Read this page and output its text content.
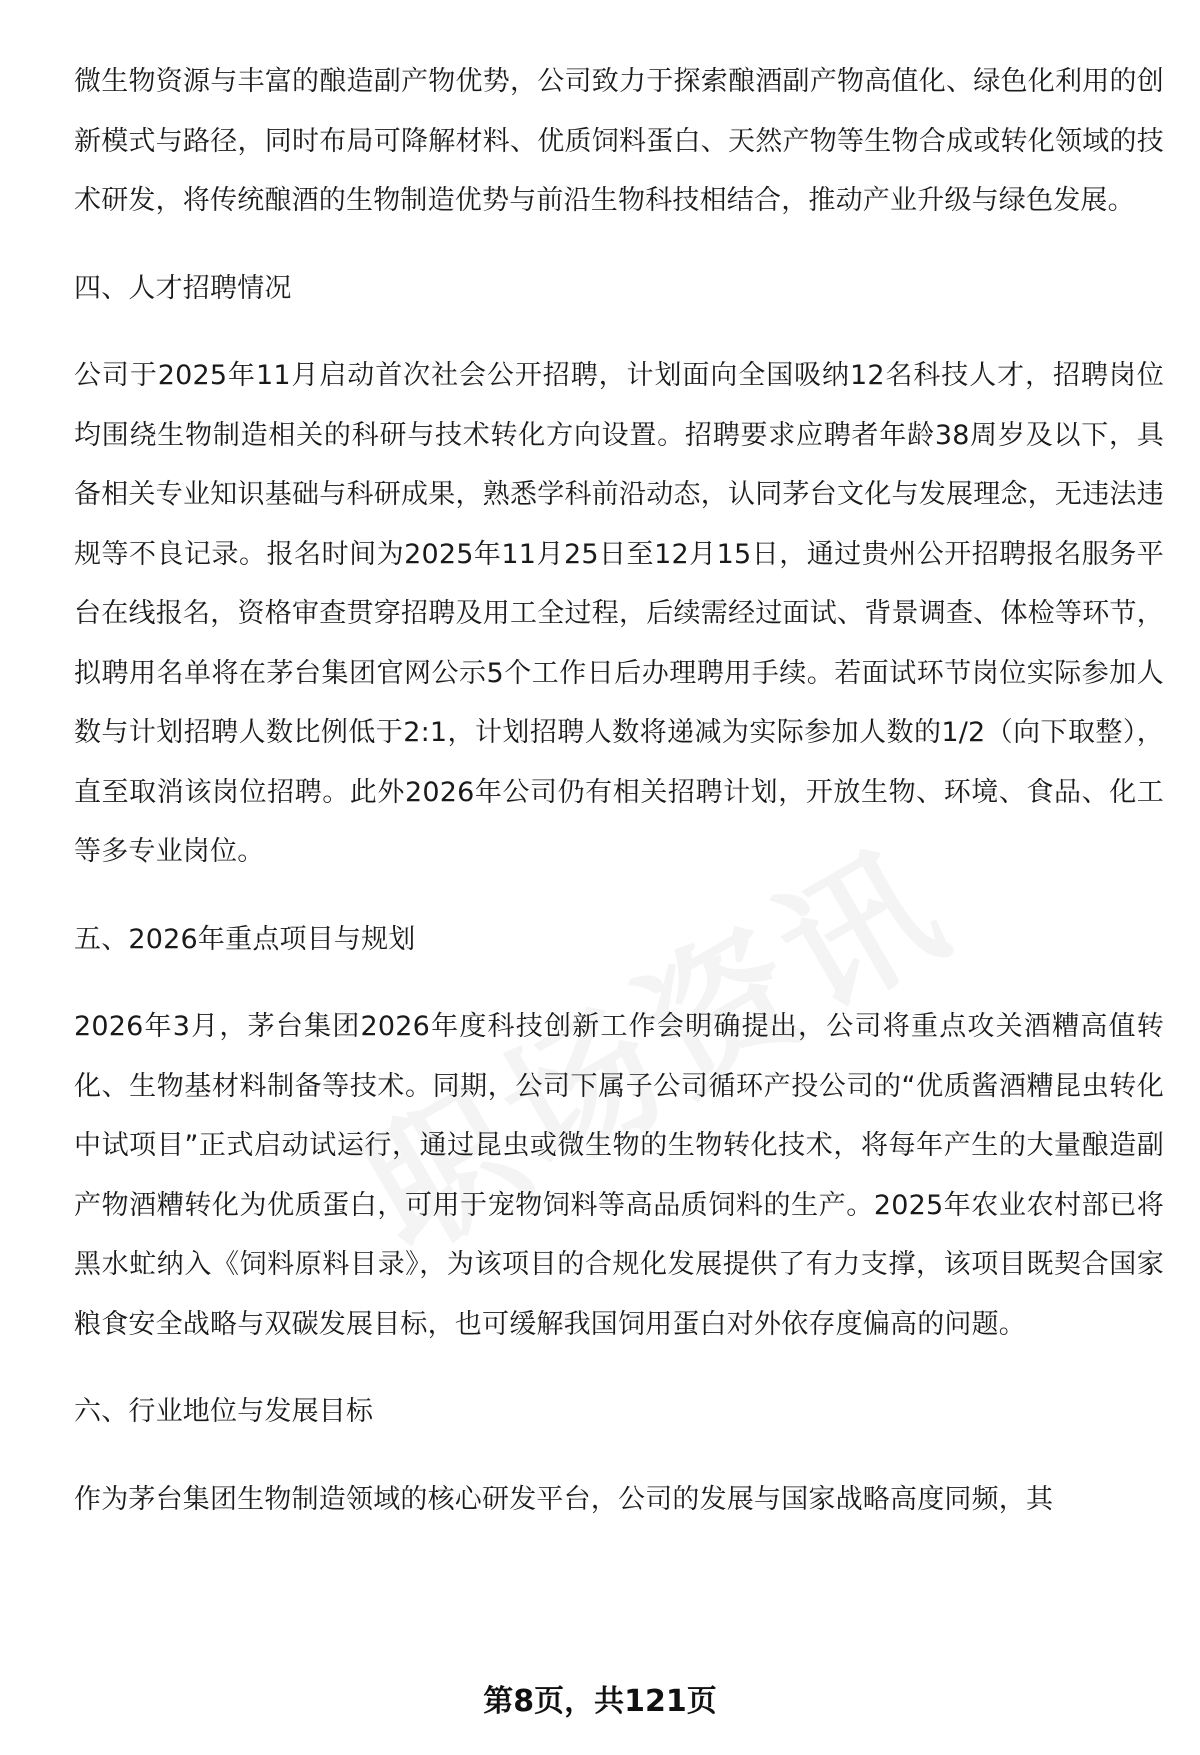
微生物资源与丰富的酿造副产物优势，公司致力于探索酿酒副产物高值化、绿色化利用的创新模式与路径，同时布局可降解材料、优质饲料蛋白、天然产物等生物合成或转化领域的技术研发，将传统酿酒的生物制造优势与前沿生物科技相结合，推动产业升级与绿色发展。

四、人才招聘情况

公司于2025年11月启动首次社会公开招聘，计划面向全国吸纳12名科技人才，招聘岗位均围绕生物制造相关的科研与技术转化方向设置。招聘要求应聘者年龄38周岁及以下，具备相关专业知识基础与科研成果，熟悉学科前沿动态，认同茅台文化与发展理念，无违法违规等不良记录。报名时间为2025年11月25日至12月15日，通过贵州公开招聘报名服务平台在线报名，资格审查贯穿招聘及用工全过程，后续需经过面试、背景调查、体检等环节，拟聘用名单将在茅台集团官网公示5个工作日后办理聘用手续。若面试环节岗位实际参加人数与计划招聘人数比例低于2:1，计划招聘人数将递减为实际参加人数的1/2（向下取整），直至取消该岗位招聘。此外2026年公司仍有相关招聘计划，开放生物、环境、食品、化工等多专业岗位。

五、2026年重点项目与规划

2026年3月，茅台集团2026年度科技创新工作会明确提出，公司将重点攻关酒糟高值转化、生物基材料制备等技术。同期，公司下属子公司循环产投公司的“优质酱酒糟昆虫转化中试项目”正式启动试运行，通过昆虫或微生物的生物转化技术，将每年产生的大量酿造副产物酒糟转化为优质蛋白，可用于宠物饲料等高品质饲料的生产。2025年农业农村部已将黑水虻纳入《饲料原料目录》，为该项目的合规化发展提供了有力支撑，该项目既契合国家粮食安全战略与双碳发展目标，也可缓解我国饲用蛋白对外依存度偏高的问题。

六、行业地位与发展目标

作为茅台集团生物制造领域的核心研发平台，公司的发展与国家战略高度同频，其

第8页，共121页
